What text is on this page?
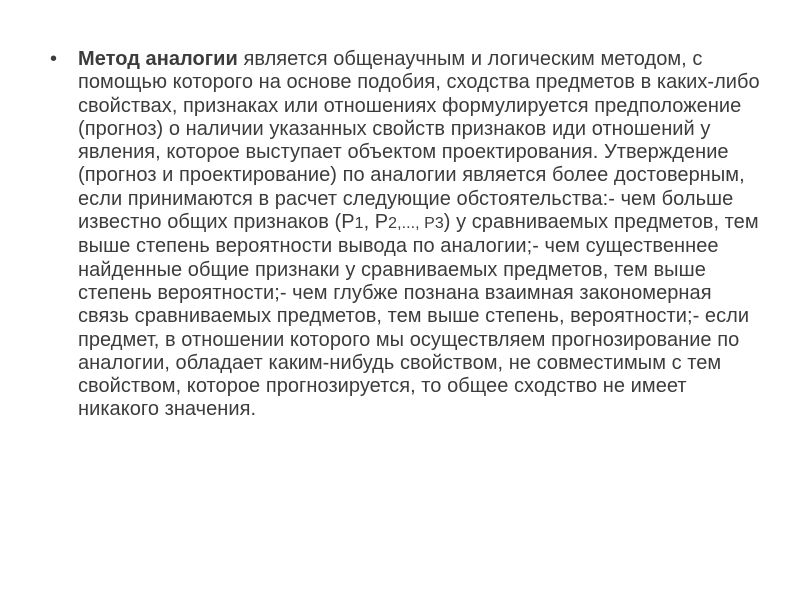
• Метод аналогии является общенаучным и логическим методом, с помощью которого на основе подобия, сходства предметов в каких-либо свойствах, признаках или отношениях формулируется предположение (прогноз) о наличии указанных свойств признаков иди отношений у явления, которое выступает объектом проектирования. Утверждение (прогноз и проектирование) по аналогии является более достоверным, если принимаются в расчет следующие обстоятельства:- чем больше известно общих признаков (Р1, Р2,..., Р3) у сравниваемых предметов, тем выше степень вероятности вывода по аналогии;- чем существеннее найденные общие признаки у сравниваемых предметов, тем выше степень вероятности;- чем глубже познана взаимная закономерная связь сравниваемых предметов, тем выше степень, вероятности;- если предмет, в отношении которого мы осуществляем прогнозирование по аналогии, обладает каким-нибудь свойством, не совместимым с тем свойством, которое прогнозируется, то общее сходство не имеет никакого значения.
